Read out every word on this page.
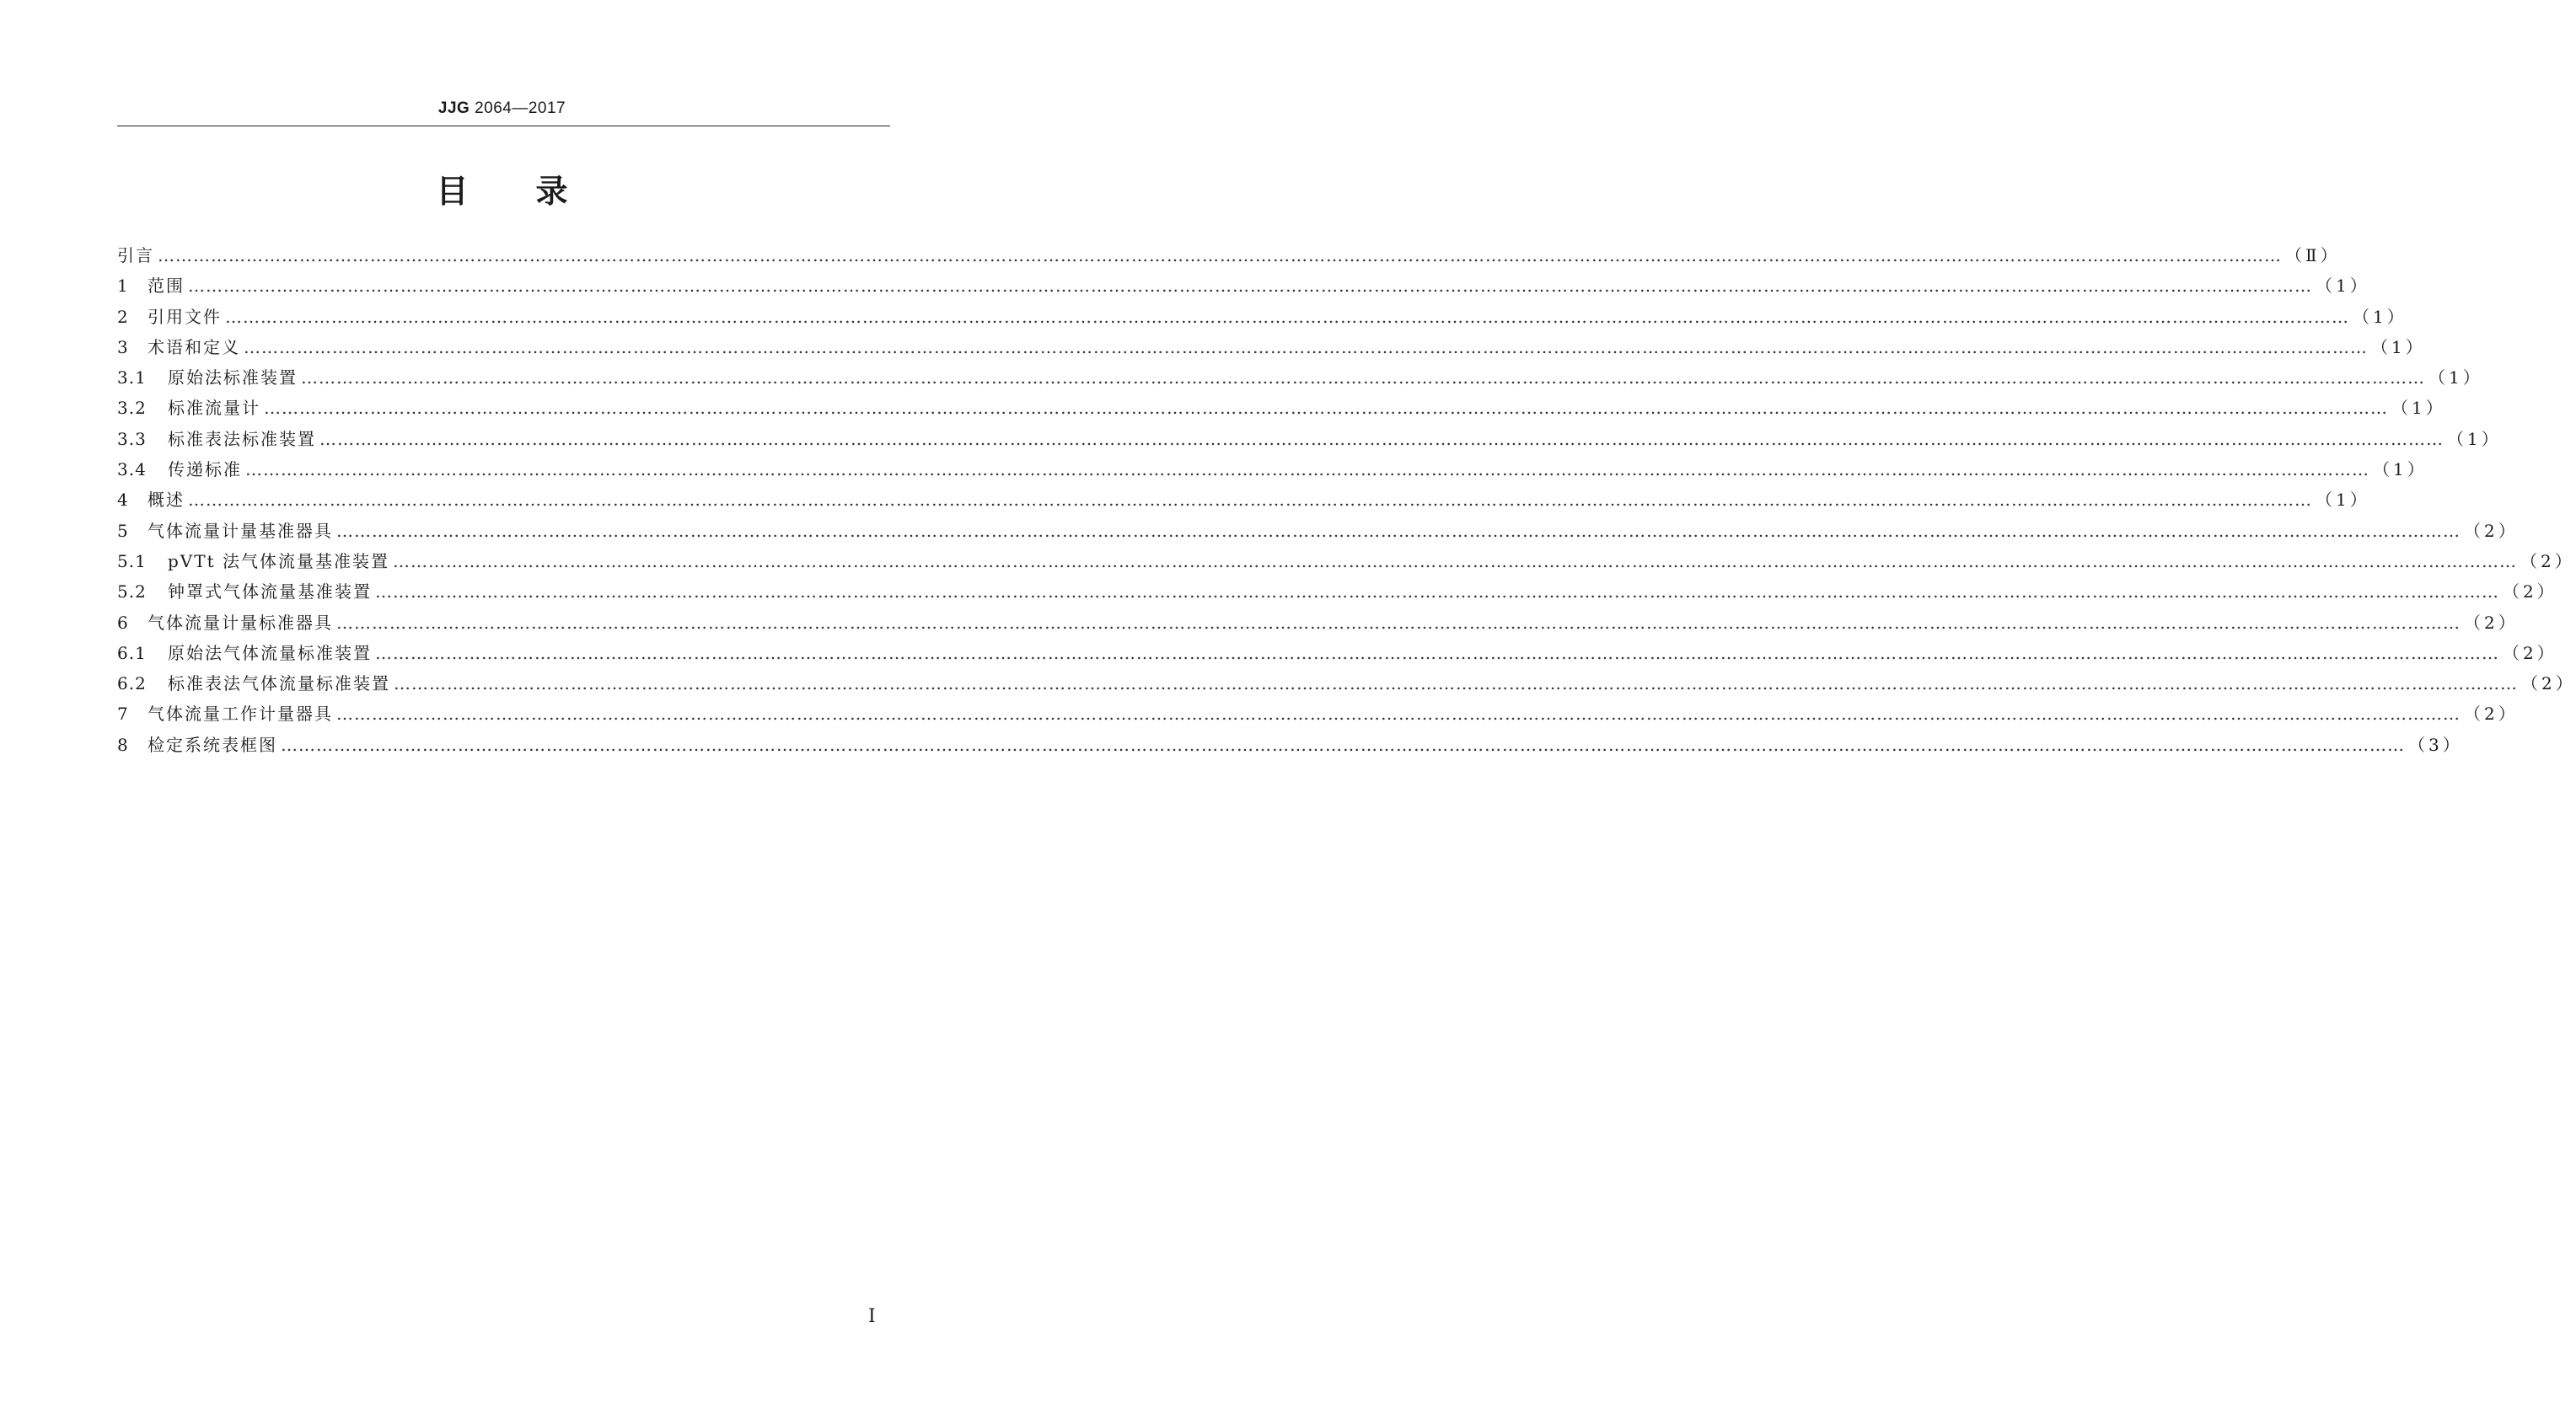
JJG 2064—2017
目录
引言 ……………………………………………………………………………………………………………………………………………………………………………………………………………………………………………………………………………………………………………………………… （Ⅱ）
1	范围 ……………………………………………………………………………………………………………………………………………………………………………………………………………………………………………………………………………………………………………………………… （1）
2	引用文件 ……………………………………………………………………………………………………………………………………………………………………………………………………………………………………………………………………………………………………………………………… （1）
3	术语和定义 ……………………………………………………………………………………………………………………………………………………………………………………………………………………………………………………………………………………………………………………………… （1）
3.1	原始法标准装置 ……………………………………………………………………………………………………………………………………………………………………………………………………………………………………………………………………………………………………………………………… （1）
3.2	标准流量计 ……………………………………………………………………………………………………………………………………………………………………………………………………………………………………………………………………………………………………………………………… （1）
3.3	标准表法标准装置 ……………………………………………………………………………………………………………………………………………………………………………………………………………………………………………………………………………………………………………………………… （1）
3.4	传递标准 ……………………………………………………………………………………………………………………………………………………………………………………………………………………………………………………………………………………………………………………………… （1）
4	概述 ……………………………………………………………………………………………………………………………………………………………………………………………………………………………………………………………………………………………………………………………… （1）
5	气体流量计量基准器具 ……………………………………………………………………………………………………………………………………………………………………………………………………………………………………………………………………………………………………………………………… （2）
5.1	pVTt 法气体流量基准装置 ……………………………………………………………………………………………………………………………………………………………………………………………………………………………………………………………………………………………………………………………… （2）
5.2	钟罩式气体流量基准装置 ……………………………………………………………………………………………………………………………………………………………………………………………………………………………………………………………………………………………………………………………… （2）
6	气体流量计量标准器具 ……………………………………………………………………………………………………………………………………………………………………………………………………………………………………………………………………………………………………………………………… （2）
6.1	原始法气体流量标准装置 ……………………………………………………………………………………………………………………………………………………………………………………………………………………………………………………………………………………………………………………………… （2）
6.2	标准表法气体流量标准装置 ……………………………………………………………………………………………………………………………………………………………………………………………………………………………………………………………………………………………………………………………… （2）
7	气体流量工作计量器具 ……………………………………………………………………………………………………………………………………………………………………………………………………………………………………………………………………………………………………………………………… （2）
8	检定系统表框图 ……………………………………………………………………………………………………………………………………………………………………………………………………………………………………………………………………………………………………………………………… （3）
Ⅰ
